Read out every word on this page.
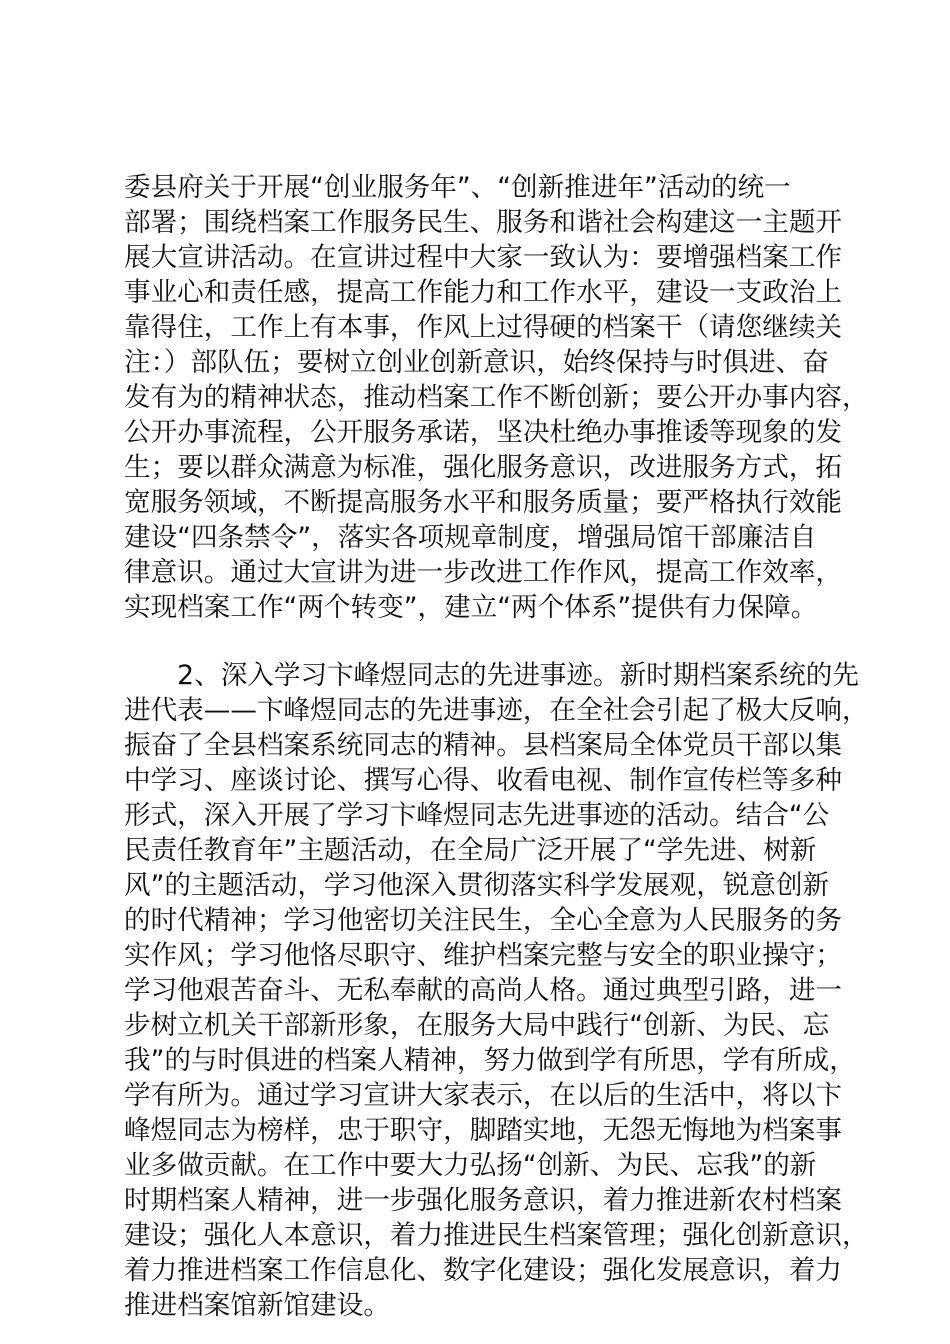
委县府关于开展“创业服务年”、“创新推进年”活动的统一
部署；围绕档案工作服务民生、服务和谐社会构建这一主题开
展大宣讲活动。在宣讲过程中大家一致认为：要增强档案工作
事业心和责任感，提高工作能力和工作水平，建设一支政治上
靠得住，工作上有本事，作风上过得硬的档案干（请您继续关
注：）部队伍；要树立创业创新意识，始终保持与时俱进、奋
发有为的精神状态，推动档案工作不断创新；要公开办事内容，
公开办事流程，公开服务承诺，坚决杜绝办事推诿等现象的发
生；要以群众满意为标准，强化服务意识，改进服务方式，拓
宽服务领域，不断提高服务水平和服务质量；要严格执行效能
建设“四条禁令”，落实各项规章制度，增强局馆干部廉洁自
律意识。通过大宣讲为进一步改进工作作风，提高工作效率，
实现档案工作“两个转变”，建立“两个体系”提供有力保障。
　　2、深入学习卞峰煜同志的先进事迹。新时期档案系统的先
进代表——卞峰煜同志的先进事迹，在全社会引起了极大反响，
振奋了全县档案系统同志的精神。县档案局全体党员干部以集
中学习、座谈讨论、撰写心得、收看电视、制作宣传栏等多种
形式，深入开展了学习卞峰煜同志先进事迹的活动。结合“公
民责任教育年”主题活动，在全局广泛开展了“学先进、树新
风”的主题活动，学习他深入贯彻落实科学发展观，锐意创新
的时代精神；学习他密切关注民生，全心全意为人民服务的务
实作风；学习他恪尽职守、维护档案完整与安全的职业操守；
学习他艰苦奋斗、无私奉献的高尚人格。通过典型引路，进一
步树立机关干部新形象，在服务大局中践行“创新、为民、忘
我”的与时俱进的档案人精神，努力做到学有所思，学有所成，
学有所为。通过学习宣讲大家表示，在以后的生活中，将以卞
峰煜同志为榜样，忠于职守，脚踏实地，无怨无悔地为档案事
业多做贡献。在工作中要大力弘扬“创新、为民、忘我”的新
时期档案人精神，进一步强化服务意识，着力推进新农村档案
建设；强化人本意识，着力推进民生档案管理；强化创新意识，
着力推进档案工作信息化、数字化建设；强化发展意识，着力
推进档案馆新馆建设。
